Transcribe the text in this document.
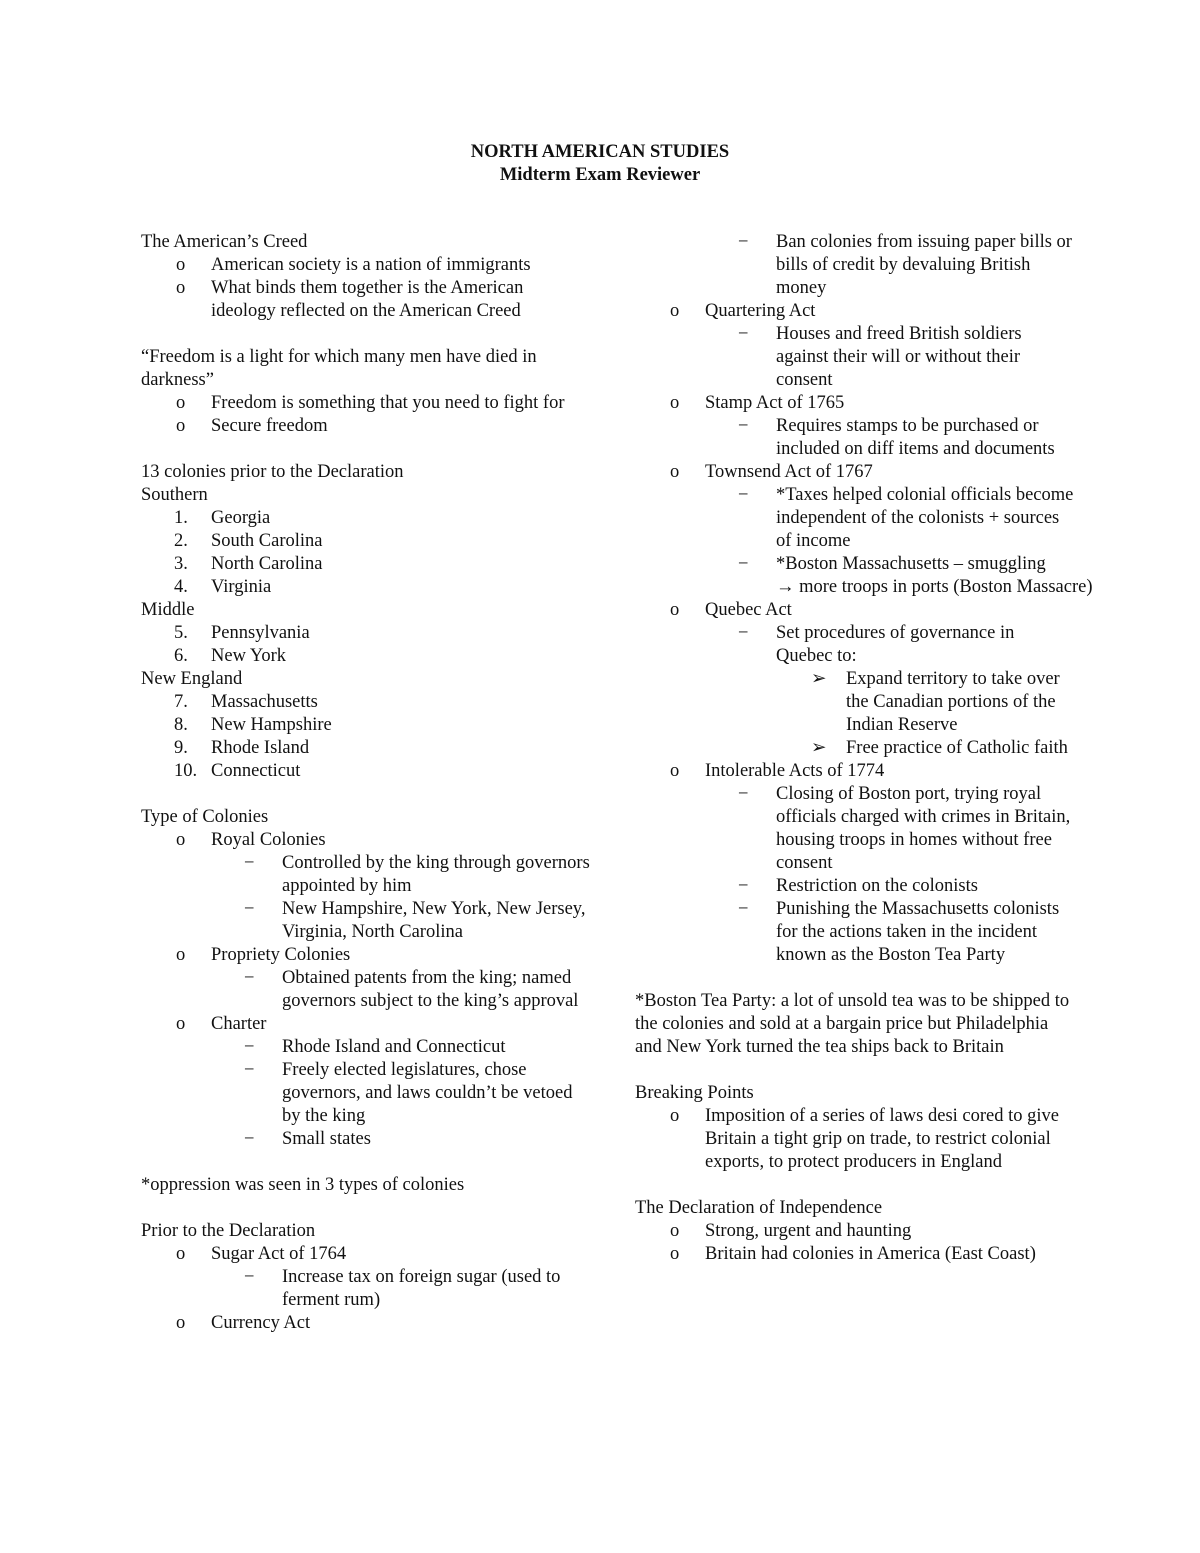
NORTH AMERICAN STUDIES
Midterm Exam Reviewer
The American’s Creed
o American society is a nation of immigrants
o What binds them together is the American ideology reflected on the American Creed
“Freedom is a light for which many men have died in darkness”
o Freedom is something that you need to fight for
o Secure freedom
13 colonies prior to the Declaration
Southern
1. Georgia
2. South Carolina
3. North Carolina
4. Virginia
Middle
5. Pennsylvania
6. New York
New England
7. Massachusetts
8. New Hampshire
9. Rhode Island
10. Connecticut
Type of Colonies
o Royal Colonies
− Controlled by the king through governors appointed by him
− New Hampshire, New York, New Jersey, Virginia, North Carolina
o Propriety Colonies
− Obtained patents from the king; named governors subject to the king’s approval
o Charter
− Rhode Island and Connecticut
− Freely elected legislatures, chose governors, and laws couldn’t be vetoed by the king
− Small states
*oppression was seen in 3 types of colonies
Prior to the Declaration
o Sugar Act of 1764
− Increase tax on foreign sugar (used to ferment rum)
o Currency Act
− Ban colonies from issuing paper bills or bills of credit by devaluing British money
o Quartering Act
− Houses and freed British soldiers against their will or without their consent
o Stamp Act of 1765
− Requires stamps to be purchased or included on diff items and documents
o Townsend Act of 1767
− *Taxes helped colonial officials become independent of the colonists + sources of income
− *Boston Massachusetts – smuggling → more troops in ports (Boston Massacre)
o Quebec Act
− Set procedures of governance in Quebec to:
➢ Expand territory to take over the Canadian portions of the Indian Reserve
➢ Free practice of Catholic faith
o Intolerable Acts of 1774
− Closing of Boston port, trying royal officials charged with crimes in Britain, housing troops in homes without free consent
− Restriction on the colonists
− Punishing the Massachusetts colonists for the actions taken in the incident known as the Boston Tea Party
*Boston Tea Party: a lot of unsold tea was to be shipped to the colonies and sold at a bargain price but Philadelphia and New York turned the tea ships back to Britain
Breaking Points
o Imposition of a series of laws desi cored to give Britain a tight grip on trade, to restrict colonial exports, to protect producers in England
The Declaration of Independence
o Strong, urgent and haunting
o Britain had colonies in America (East Coast)
